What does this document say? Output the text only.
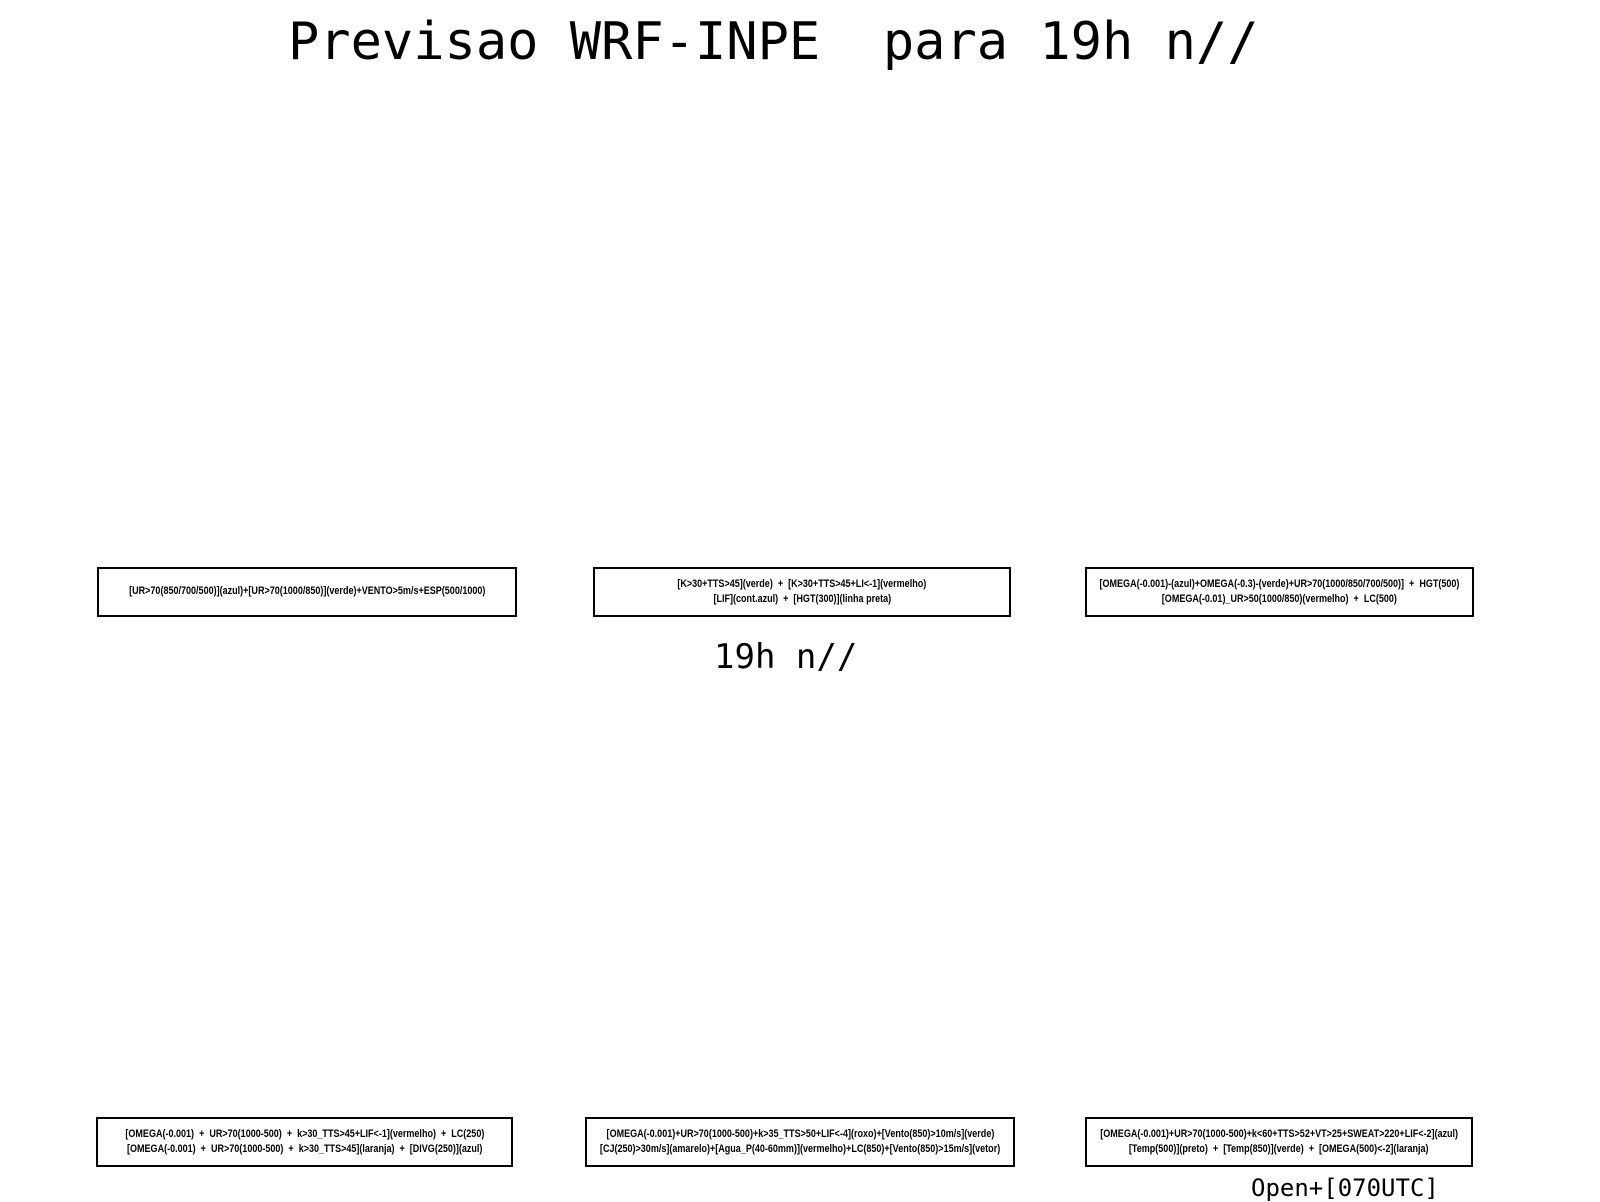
Previsao WRF-INPE  para 19h n//
[UR>70(850/700/500)](azul)+[UR>70(1000/850)](verde)+VENTO>5m/s+ESP(500/1000)
[K>30+TTS>45](verde)  +  [K>30+TTS>45+LI<-1](vermelho)
[LIF](cont.azul)  +  [HGT(300)](linha preta)
[OMEGA(-0.001)-(azul)+OMEGA(-0.3)-(verde)+UR>70(1000/850/700/500)]  +  HGT(500)
[OMEGA(-0.01)_UR>50(1000/850)(vermelho)  +  LC(500)
19h n//
[OMEGA(-0.001)  +  UR>70(1000-500)  +  k>30_TTS>45+LIF<-1](vermelho)  +  LC(250)
[OMEGA(-0.001)  +  UR>70(1000-500)  +  k>30_TTS>45](laranja)  +  [DIVG(250)](azul)
[OMEGA(-0.001)+UR>70(1000-500)+k>35_TTS>50+LIF<-4](roxo)+[Vento(850)>10m/s](verde)
[CJ(250)>30m/s](amarelo)+[Agua_P(40-60mm)](vermelho)+LC(850)+[Vento(850)>15m/s](vetor)
[OMEGA(-0.001)+UR>70(1000-500)+k<60+TTS>52+VT>25+SWEAT>220+LIF<-2](azul)
[Temp(500)](preto)  +  [Temp(850)](verde)  +  [OMEGA(500)<-2](laranja)
Open+[070UTC]
